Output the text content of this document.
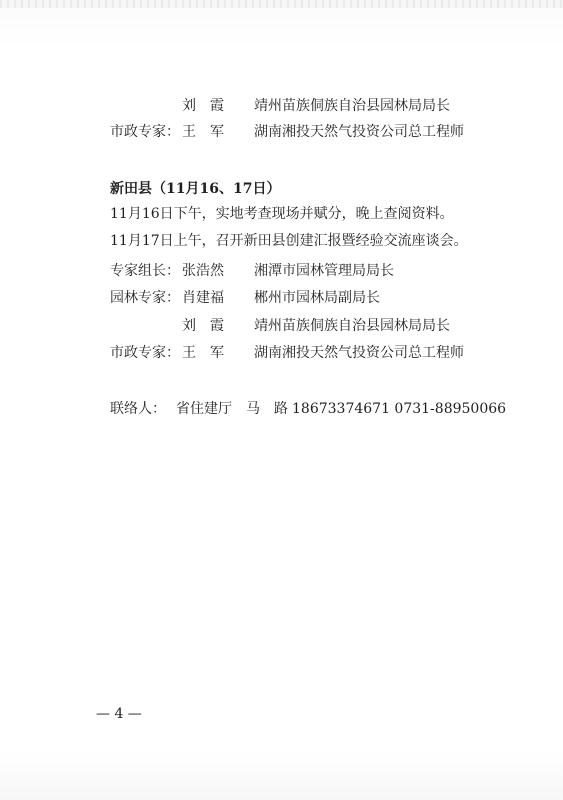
刘　霞 靖州苗族侗族自治县园林局局长
市政专家： 王　军 湖南湘投天然气投资公司总工程师
新田县（11月16、17日）
11月16日下午，实地考查现场并赋分，晚上查阅资料。
11月17日上午，召开新田县创建汇报暨经验交流座谈会。
专家组长： 张浩然 湘潭市园林管理局局长
园林专家： 肖建福 郴州市园林局副局长
刘　霞 靖州苗族侗族自治县园林局局长
市政专家： 王　军 湖南湘投天然气投资公司总工程师
联络人： 省住建厅 马　路 18673374671 0731-88950066
— 4 —
